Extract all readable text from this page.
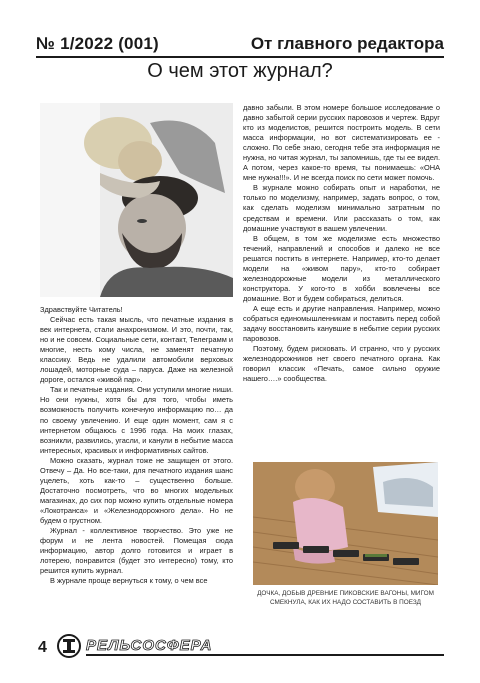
№ 1/2022 (001)	От главного редактора
О чем этот журнал?

Здравствуйте Читатель!

Сейчас есть такая мысль, что печатные издания в век интернета, стали анахронизмом. И это, почти, так, но и не совсем. Социальные сети, контакт, Телеграмм и многие, несть кому числа, не заменят печатную классику. Ведь не удалили автомобили верховых лошадей, моторные суда – паруса. Даже на железной дороге, остался «живой пар».

Так и печатные издания. Они уступили многие ниши. Но они нужны, хотя бы для того, чтобы иметь возможность получить конечную информацию по… да по своему увлечению. И еще один момент, сам я с интернетом общаюсь с 1996 года. На моих глазах, возникли, развились, угасли, и канули в небытие масса интересных, красивых и информативных сайтов.

Можно сказать, журнал тоже не защищен от этого. Отвечу – Да. Но все-таки, для печатного издания шанс уцелеть, хоть как-то – существенно больше. Достаточно посмотреть, что во многих модельных магазинах, до сих пор можно купить отдельные номера «Локотранса» и «Железнодорожного дела». Но не будем о грустном.

Журнал - коллективное творчество. Это уже не форум и не лента новостей. Помещая сюда информацию, автор долго готовится и играет в лотерею, понравится (будет это интересно) тому, кто решится купить журнал.

В журнале проще вернуться к тому, о чем все

давно забыли. В этом номере большое исследование о давно забытой серии русских паровозов и чертеж. Вдруг кто из моделистов, решится построить модель. В сети масса информации, но вот систематизировать ее - сложно. По себе знаю, сегодня тебе эта информация не нужна, но читая журнал, ты запомнишь, где ты ее видел. А потом, через какое-то время, ты понимаешь: «ОНА мне нужна!!!». И не всегда поиск по сети может помочь.

В журнале можно собирать опыт и наработки, не только по моделизму, например, задать вопрос, о том, как сделать моделизм минимально затратным по средствам и времени. Или рассказать о том, как домашние участвуют в вашем увлечении.

В общем, в том же моделизме есть множество течений, направлений и способов и далеко не все решатся постить в интернете. Например, кто-то делает модели на «живом пару», кто-то собирает железнодорожные модели из металлического конструктора. У кого-то в хобби вовлечены все домашние. Вот и будем собираться, делиться.

А еще есть и другие направления. Например, можно собраться единомышленникам и поставить перед собой задачу восстановить канувшие в небытие серии русских паровозов.

Поэтому, будем рисковать. И странно, что у русских железнодорожников нет своего печатного органа. Как говорил классик «Печать, самое сильно оружие нашего….» сообщества.

ДОЧКА, ДОБЫВ ДРЕВНИЕ ПИКОВСКИЕ ВАГОНЫ, МИГОМ СМЕКНУЛА, КАК ИХ НАДО СОСТАВИТЬ В ПОЕЗД
4	РЕЛЬСОСФЕРА
